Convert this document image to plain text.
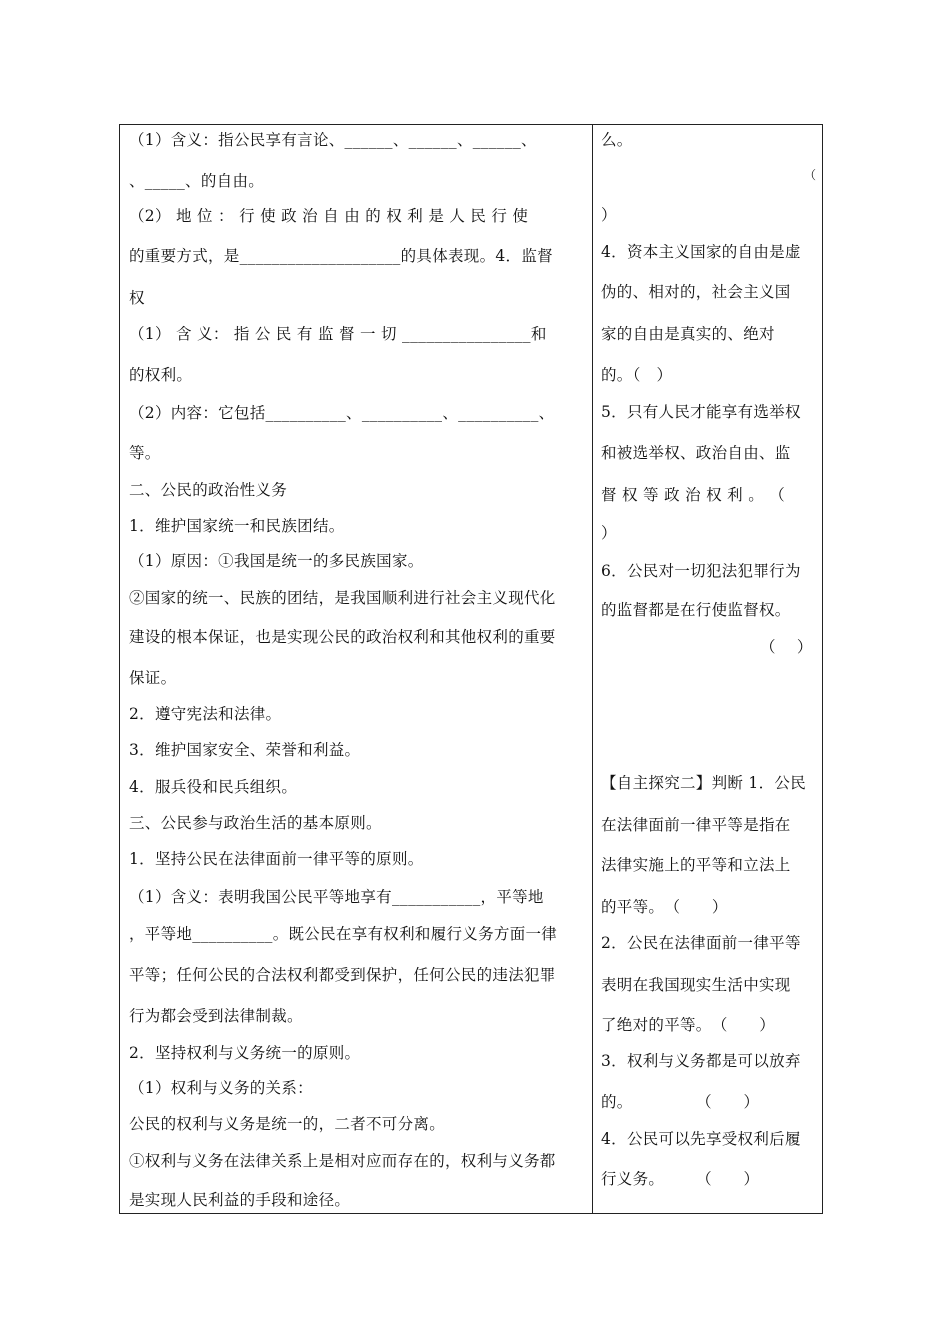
（1）含义：指公民享有言论、______、______、______、
、_____、的自由。
（2） 地 位 ： 行 使 政 治 自 由 的 权 利 是 人 民 行 使
的重要方式，是____________________的具体表现。4．监督
权
（1） 含 义： 指 公 民 有 监 督 一 切 ________________和
的权利。
（2）内容：它包括__________、__________、__________、
等。
二、公民的政治性义务
1．维护国家统一和民族团结。
（1）原因：①我国是统一的多民族国家。
②国家的统一、民族的团结，是我国顺利进行社会主义现代化
建设的根本保证，也是实现公民的政治权利和其他权利的重要
保证。
2．遵守宪法和法律。
3．维护国家安全、荣誉和利益。
4．服兵役和民兵组织。
三、公民参与政治生活的基本原则。
1．坚持公民在法律面前一律平等的原则。
（1）含义：表明我国公民平等地享有___________，平等地
，平等地__________。既公民在享有权利和履行义务方面一律
平等；任何公民的合法权利都受到保护，任何公民的违法犯罪
行为都会受到法律制裁。
2．坚持权利与义务统一的原则。
（1）权利与义务的关系：
公民的权利与义务是统一的，二者不可分离。
①权利与义务在法律关系上是相对应而存在的，权利与义务都
是实现人民利益的手段和途径。
么。
（
）
4．资本主义国家的自由是虚
伪的、相对的，社会主义国
家的自由是真实的、绝对
的。（　）
5．只有人民才能享有选举权
和被选举权、政治自由、监
督 权 等 政 治 权 利 。 （
）
6．公民对一切犯法犯罪行为
的监督都是在行使监督权。
（　 ）
【自主探究二】判断 1．公民
在法律面前一律平等是指在
法律实施上的平等和立法上
的平等。　（　　）
2．公民在法律面前一律平等
表明在我国现实生活中实现
了绝对的平等。　（　　）
3．权利与义务都是可以放弃
的。　　　　　（　　）
4．公民可以先享受权利后履
行义务。　　　（　　）
